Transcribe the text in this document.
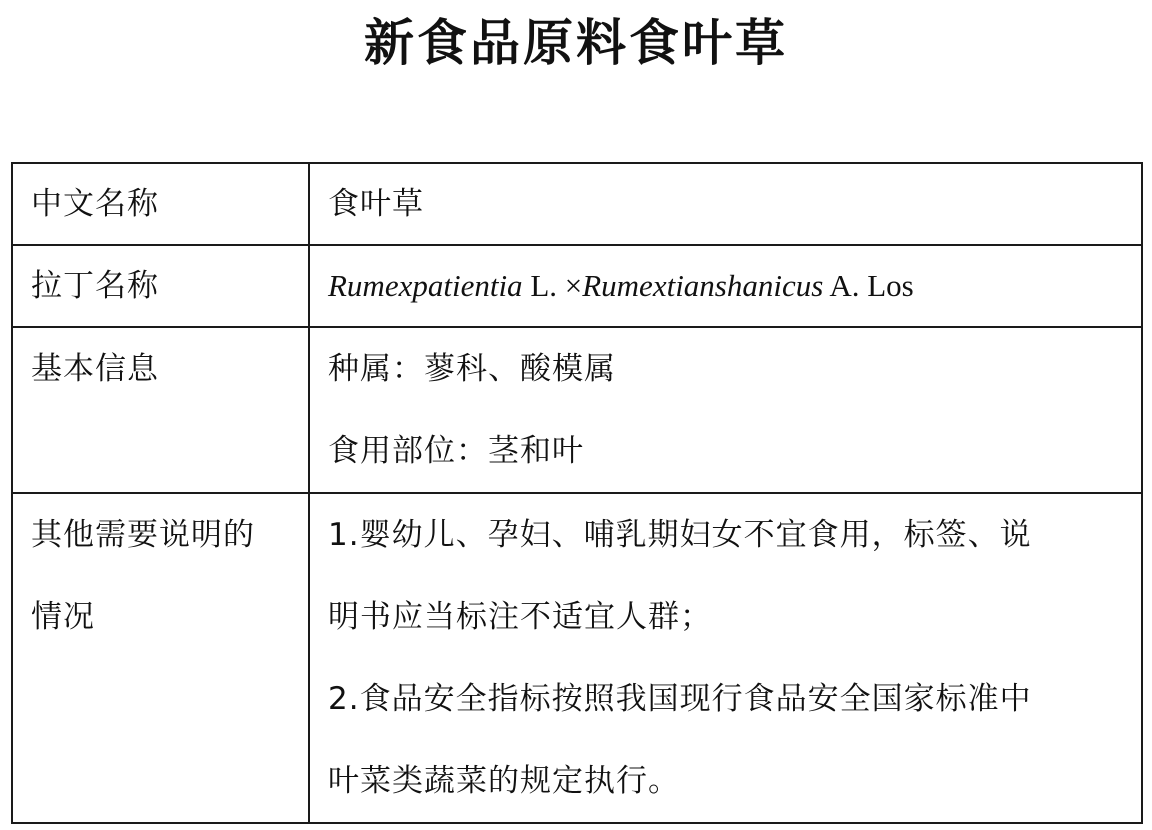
新食品原料食叶草
中文名称	食叶草
拉丁名称	Rumexpatientia L. ×Rumextianshanicus A. Los

基本信息	种属：蓼科、酸模属
食用部位：茎和叶

其他需要说明的
情况	1.婴幼儿、孕妇、哺乳期妇女不宜食用，标签、说
明书应当标注不适宜人群；
2.食品安全指标按照我国现行食品安全国家标准中
叶菜类蔬菜的规定执行。
